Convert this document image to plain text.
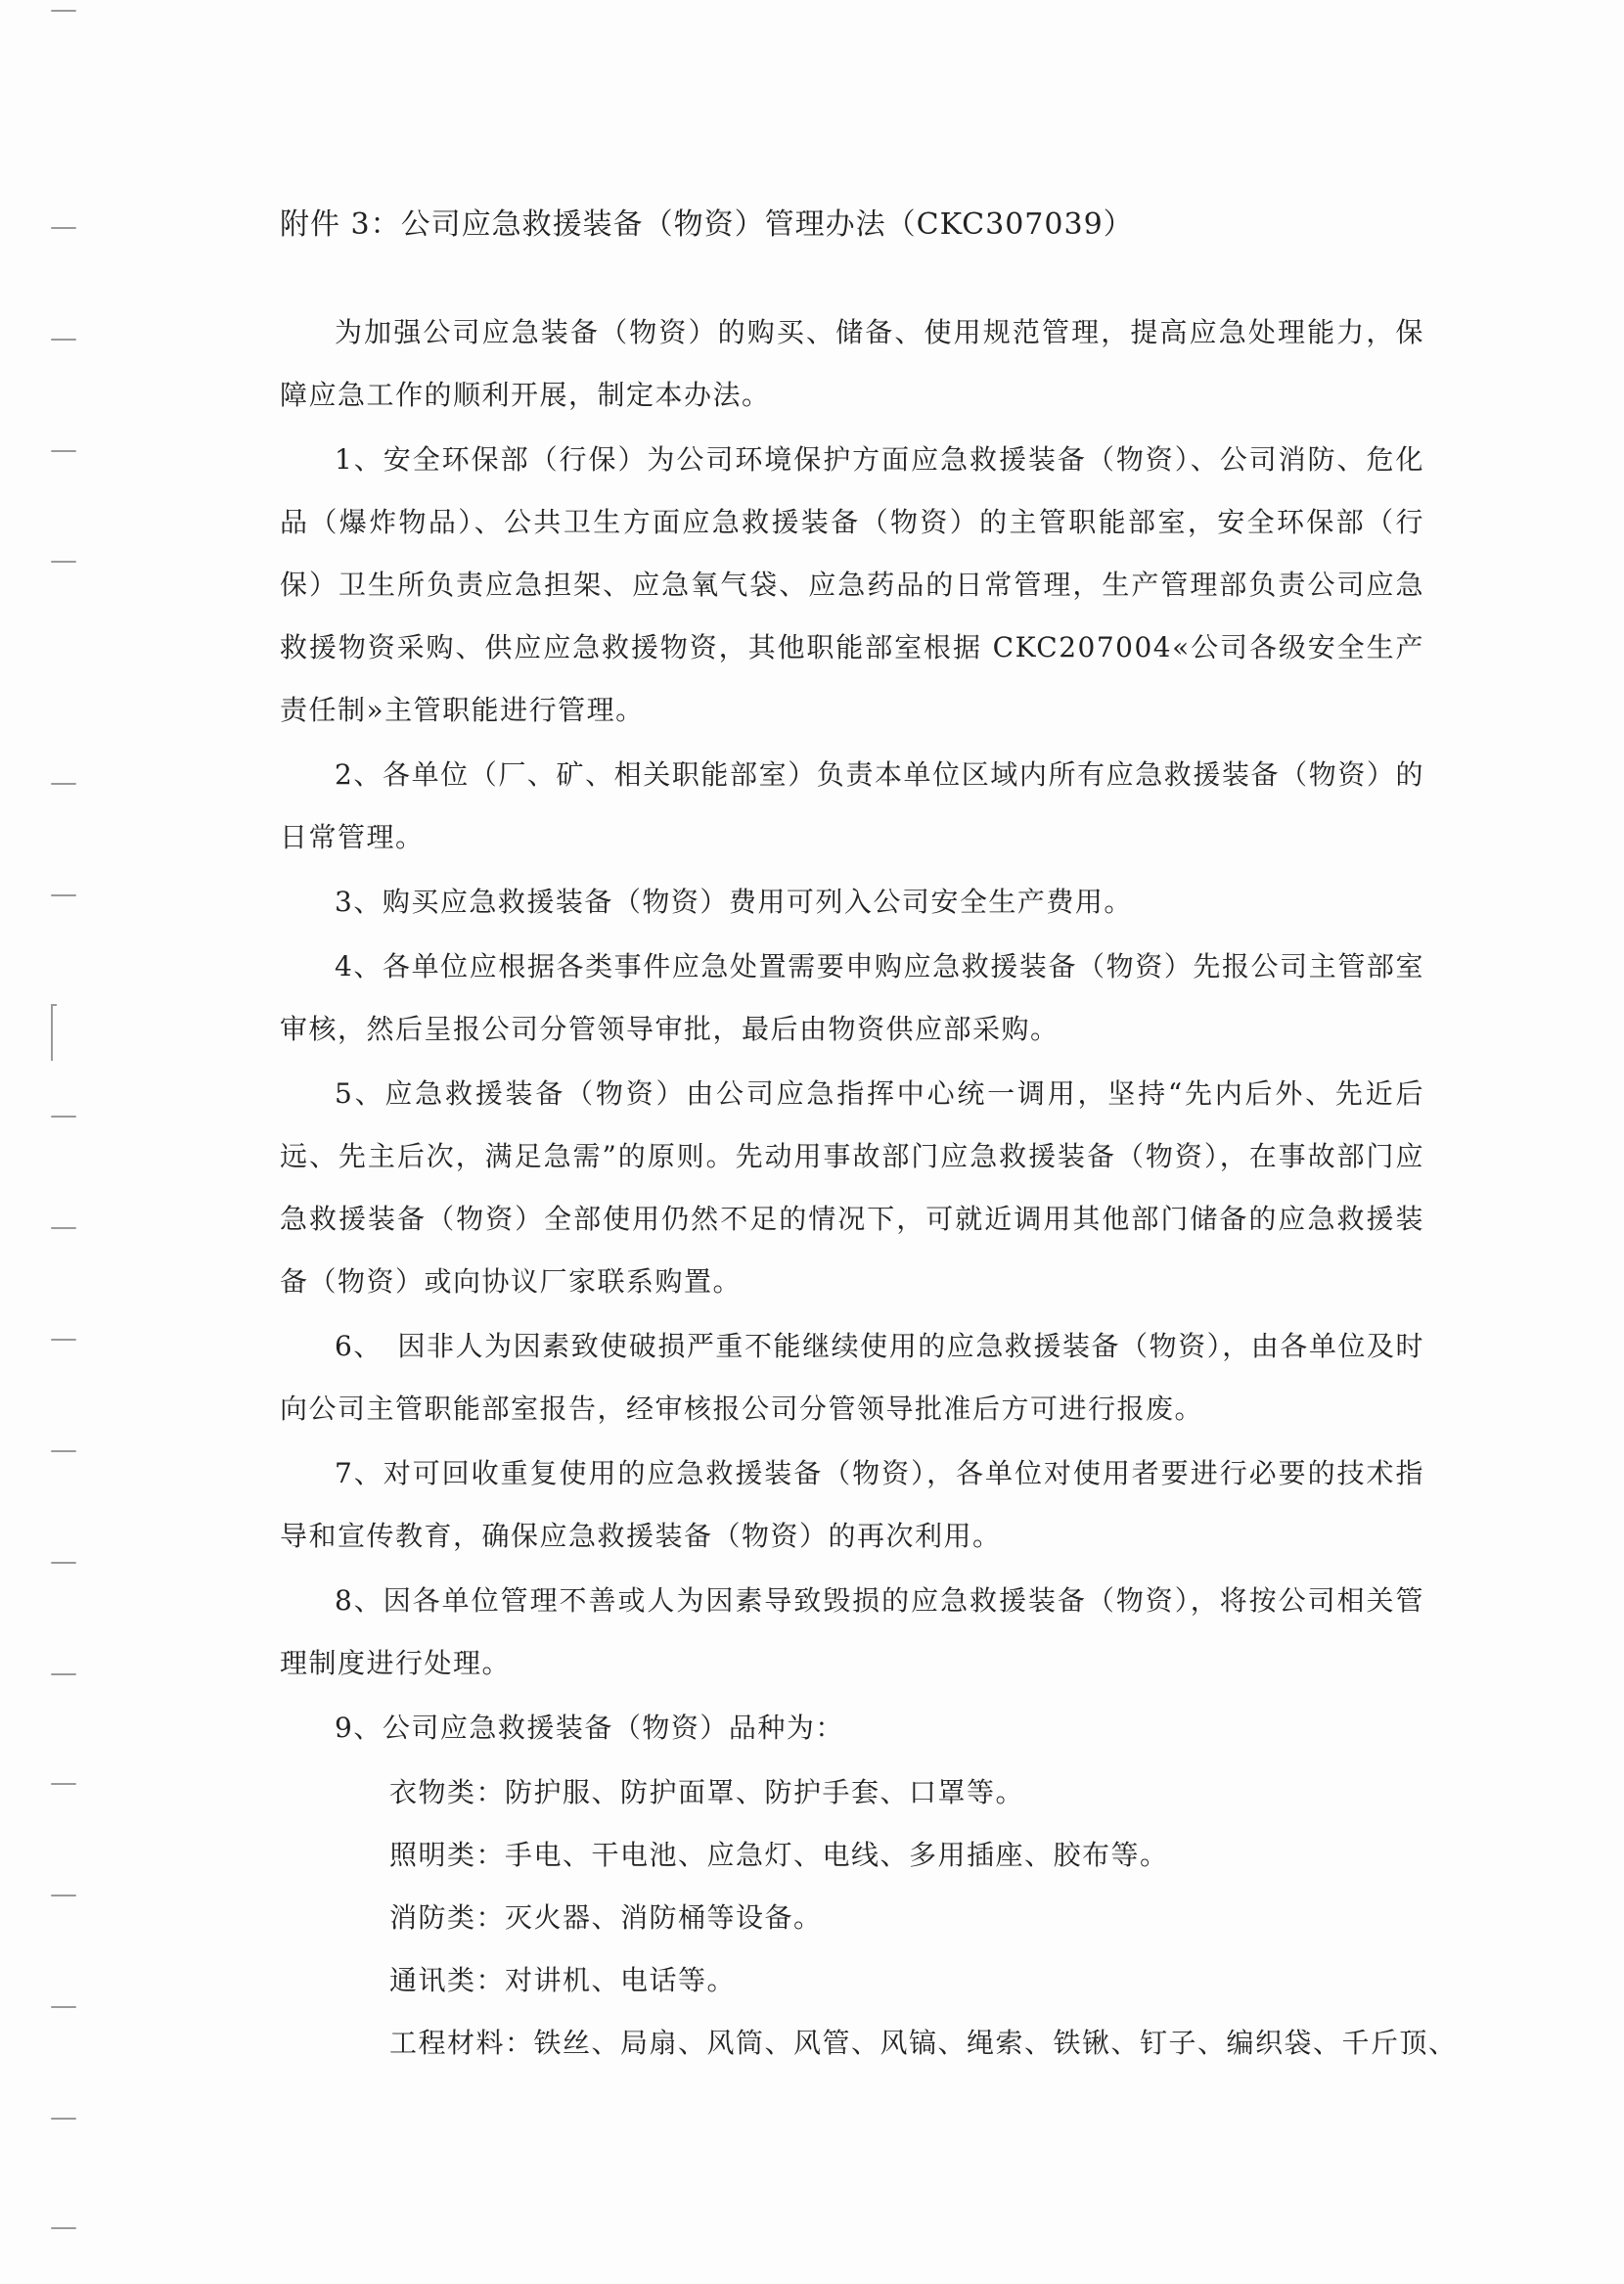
附件 3：公司应急救援装备（物资）管理办法（CKC307039）

为加强公司应急装备（物资）的购买、储备、使用规范管理，提高应急处理能力，保障应急工作的顺利开展，制定本办法。

1、安全环保部（行保）为公司环境保护方面应急救援装备（物资）、公司消防、危化品（爆炸物品）、公共卫生方面应急救援装备（物资）的主管职能部室，安全环保部（行保）卫生所负责应急担架、应急氧气袋、应急药品的日常管理，生产管理部负责公司应急救援物资采购、供应应急救援物资，其他职能部室根据 CKC207004«公司各级安全生产责任制»主管职能进行管理。

2、各单位（厂、矿、相关职能部室）负责本单位区域内所有应急救援装备（物资）的日常管理。

3、购买应急救援装备（物资）费用可列入公司安全生产费用。

4、各单位应根据各类事件应急处置需要申购应急救援装备（物资）先报公司主管部室审核，然后呈报公司分管领导审批，最后由物资供应部采购。

5、应急救援装备（物资）由公司应急指挥中心统一调用，坚持“先内后外、先近后远、先主后次，满足急需”的原则。先动用事故部门应急救援装备（物资），在事故部门应急救援装备（物资）全部使用仍然不足的情况下，可就近调用其他部门储备的应急救援装备（物资）或向协议厂家联系购置。

6、　因非人为因素致使破损严重不能继续使用的应急救援装备（物资），由各单位及时向公司主管职能部室报告，经审核报公司分管领导批准后方可进行报废。

7、对可回收重复使用的应急救援装备（物资），各单位对使用者要进行必要的技术指导和宣传教育，确保应急救援装备（物资）的再次利用。

8、因各单位管理不善或人为因素导致毁损的应急救援装备（物资），将按公司相关管理制度进行处理。

9、公司应急救援装备（物资）品种为：

衣物类：防护服、防护面罩、防护手套、口罩等。
照明类：手电、干电池、应急灯、电线、多用插座、胶布等。
消防类：灭火器、消防桶等设备。
通讯类：对讲机、电话等。
工程材料：铁丝、局扇、风筒、风管、风镐、绳索、铁锹、钉子、编织袋、千斤顶、
